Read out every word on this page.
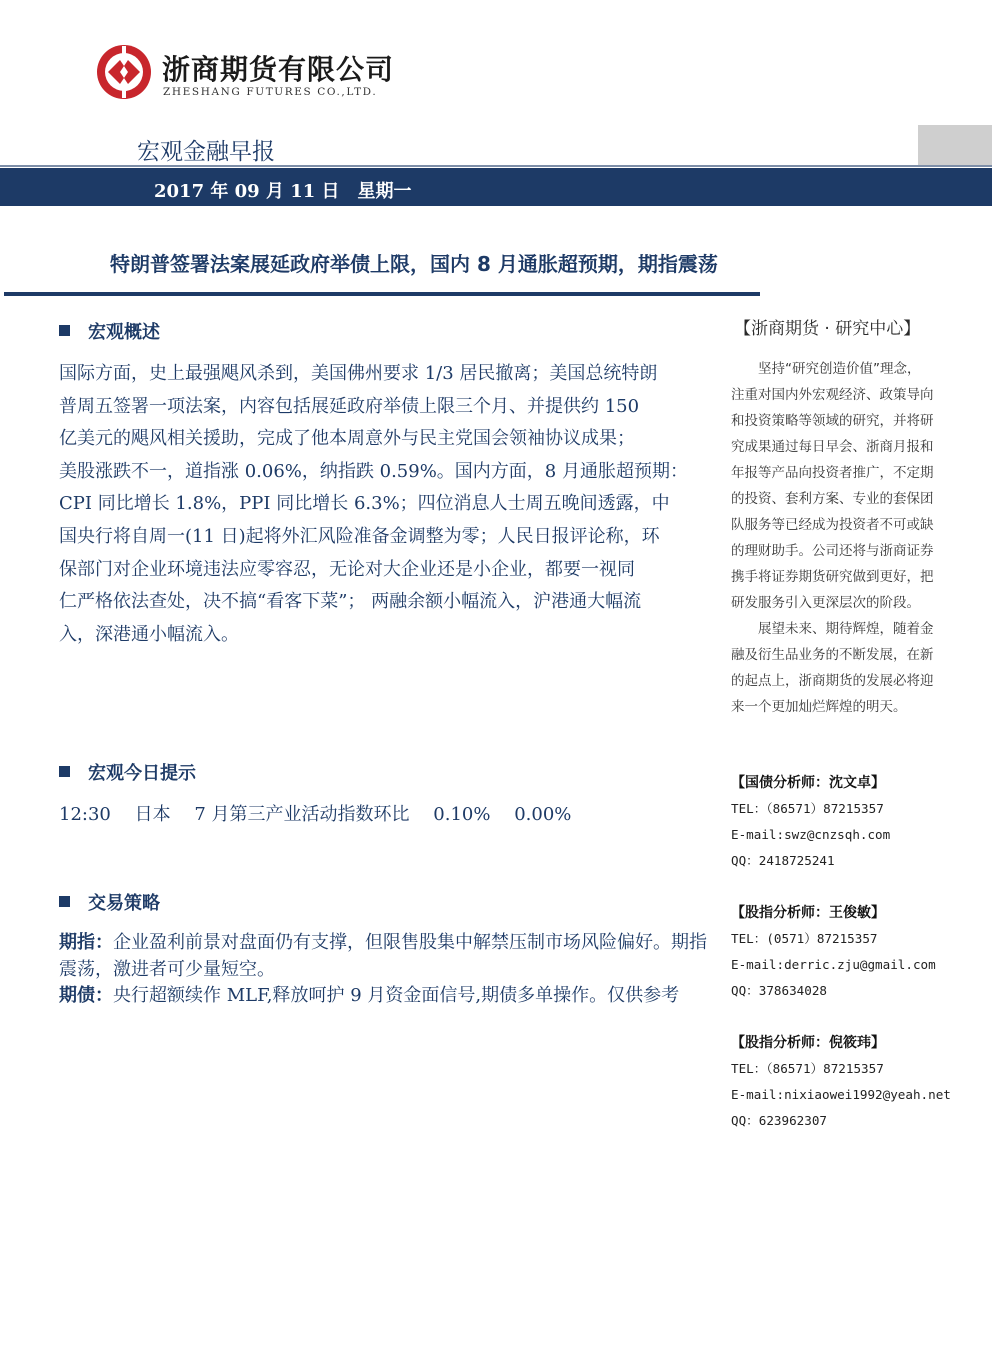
浙商期货有限公司
ZHESHANG FUTURES CO.,LTD.
宏观金融早报
2017 年 09 月 11 日　星期一
特朗普签署法案展延政府举债上限，国内 8 月通胀超预期，期指震荡
宏观概述
国际方面，史上最强飓风杀到，美国佛州要求 1/3 居民撤离；美国总统特朗
普周五签署一项法案，内容包括展延政府举债上限三个月、并提供约 150
亿美元的飓风相关援助，完成了他本周意外与民主党国会领袖协议成果；
美股涨跌不一，道指涨 0.06%，纳指跌 0.59%。国内方面，8 月通胀超预期：
CPI 同比增长 1.8%，PPI 同比增长 6.3%；四位消息人士周五晚间透露，中
国央行将自周一(11 日)起将外汇风险准备金调整为零；人民日报评论称，环
保部门对企业环境违法应零容忍，无论对大企业还是小企业，都要一视同
仁严格依法查处，决不搞“看客下菜”； 两融余额小幅流入，沪港通大幅流
入，深港通小幅流入。
宏观今日提示
12:30 日本 7 月第三产业活动指数环比 0.10% 0.00%
交易策略
期指：企业盈利前景对盘面仍有支撑，但限售股集中解禁压制市场风险偏好。期指震荡，激进者可少量短空。
期债：央行超额续作 MLF,释放呵护 9 月资金面信号,期债多单操作。仅供参考
【浙商期货 · 研究中心】
　　坚持“研究创造价值”理念，
注重对国内外宏观经济、政策导向
和投资策略等领域的研究，并将研
究成果通过每日早会、浙商月报和
年报等产品向投资者推广，不定期
的投资、套利方案、专业的套保团
队服务等已经成为投资者不可或缺
的理财助手。公司还将与浙商证券
携手将证券期货研究做到更好，把
研发服务引入更深层次的阶段。
　　展望未来、期待辉煌，随着金
融及衍生品业务的不断发展，在新
的起点上，浙商期货的发展必将迎
来一个更加灿烂辉煌的明天。
【国债分析师：沈文卓】
TEL：（86571）87215357
E-mail:swz@cnzsqh.com
QQ：2418725241
【股指分析师：王俊敏】
TEL：(0571）87215357
E-mail:derric.zju@gmail.com
QQ：378634028
【股指分析师：倪筱玮】
TEL：（86571）87215357
E-mail:nixiaowei1992@yeah.net
QQ：623962307
